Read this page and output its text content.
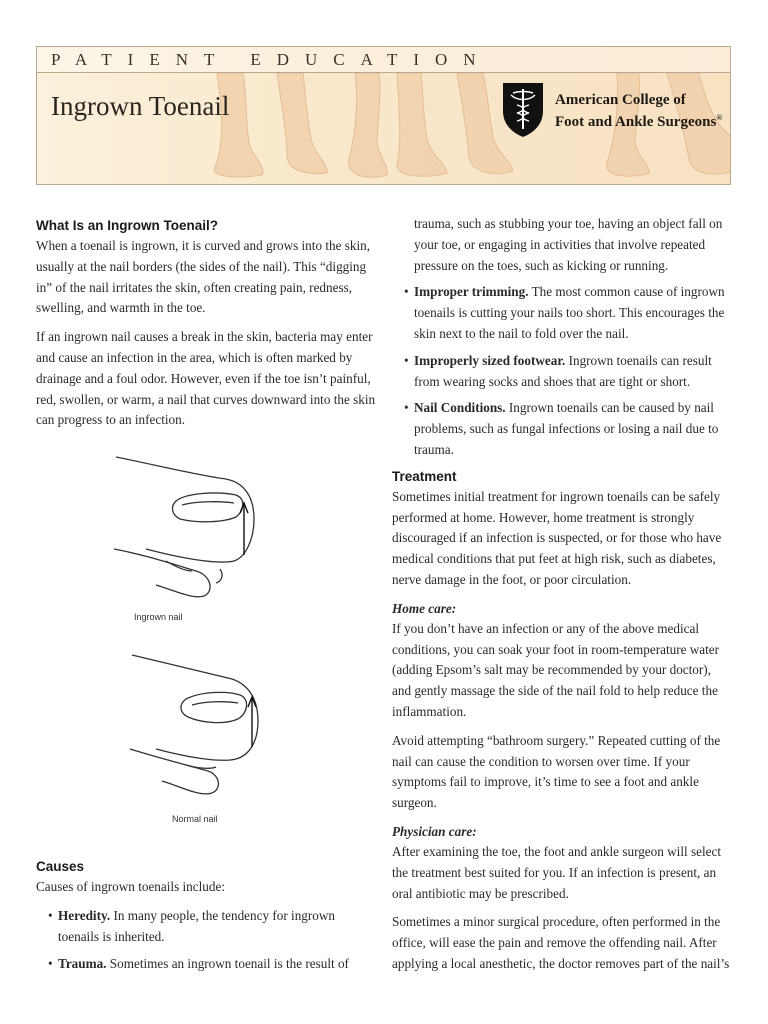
PATIENT EDUCATION
Ingrown Toenail	American College of
Foot and Ankle Surgeons®
What Is an Ingrown Toenail?

When a toenail is ingrown, it is curved and grows into the skin, usually at the nail borders (the sides of the nail). This “digging in” of the nail irritates the skin, often creating pain, redness, swelling, and warmth in the toe.

If an ingrown nail causes a break in the skin, bacteria may enter and cause an infection in the area, which is often marked by drainage and a foul odor. However, even if the toe isn’t painful, red, swollen, or warm, a nail that curves downward into the skin can progress to an infection.

Ingrown nail
Normal nail
Causes

Causes of ingrown toenails include:

• Heredity. In many people, the tendency for ingrown toenails is inherited.
• Trauma. Sometimes an ingrown toenail is the result of
trauma, such as stubbing your toe, having an object fall on your toe, or engaging in activities that involve repeated pressure on the toes, such as kicking or running.
• Improper trimming. The most common cause of ingrown toenails is cutting your nails too short. This encourages the skin next to the nail to fold over the nail.
• Improperly sized footwear. Ingrown toenails can result from wearing socks and shoes that are tight or short.
• Nail Conditions. Ingrown toenails can be caused by nail problems, such as fungal infections or losing a nail due to trauma.
Treatment

Sometimes initial treatment for ingrown toenails can be safely performed at home. However, home treatment is strongly discouraged if an infection is suspected, or for those who have medical conditions that put feet at high risk, such as diabetes, nerve damage in the foot, or poor circulation.

Home care:

If you don’t have an infection or any of the above medical conditions, you can soak your foot in room-temperature water (adding Epsom’s salt may be recommended by your doctor), and gently massage the side of the nail fold to help reduce the inflammation.

Avoid attempting “bathroom surgery.” Repeated cutting of the nail can cause the condition to worsen over time. If your symptoms fail to improve, it’s time to see a foot and ankle surgeon.

Physician care:

After examining the toe, the foot and ankle surgeon will select the treatment best suited for you. If an infection is present, an oral antibiotic may be prescribed.

Sometimes a minor surgical procedure, often performed in the office, will ease the pain and remove the offending nail. After applying a local anesthetic, the doctor removes part of the nail’s
